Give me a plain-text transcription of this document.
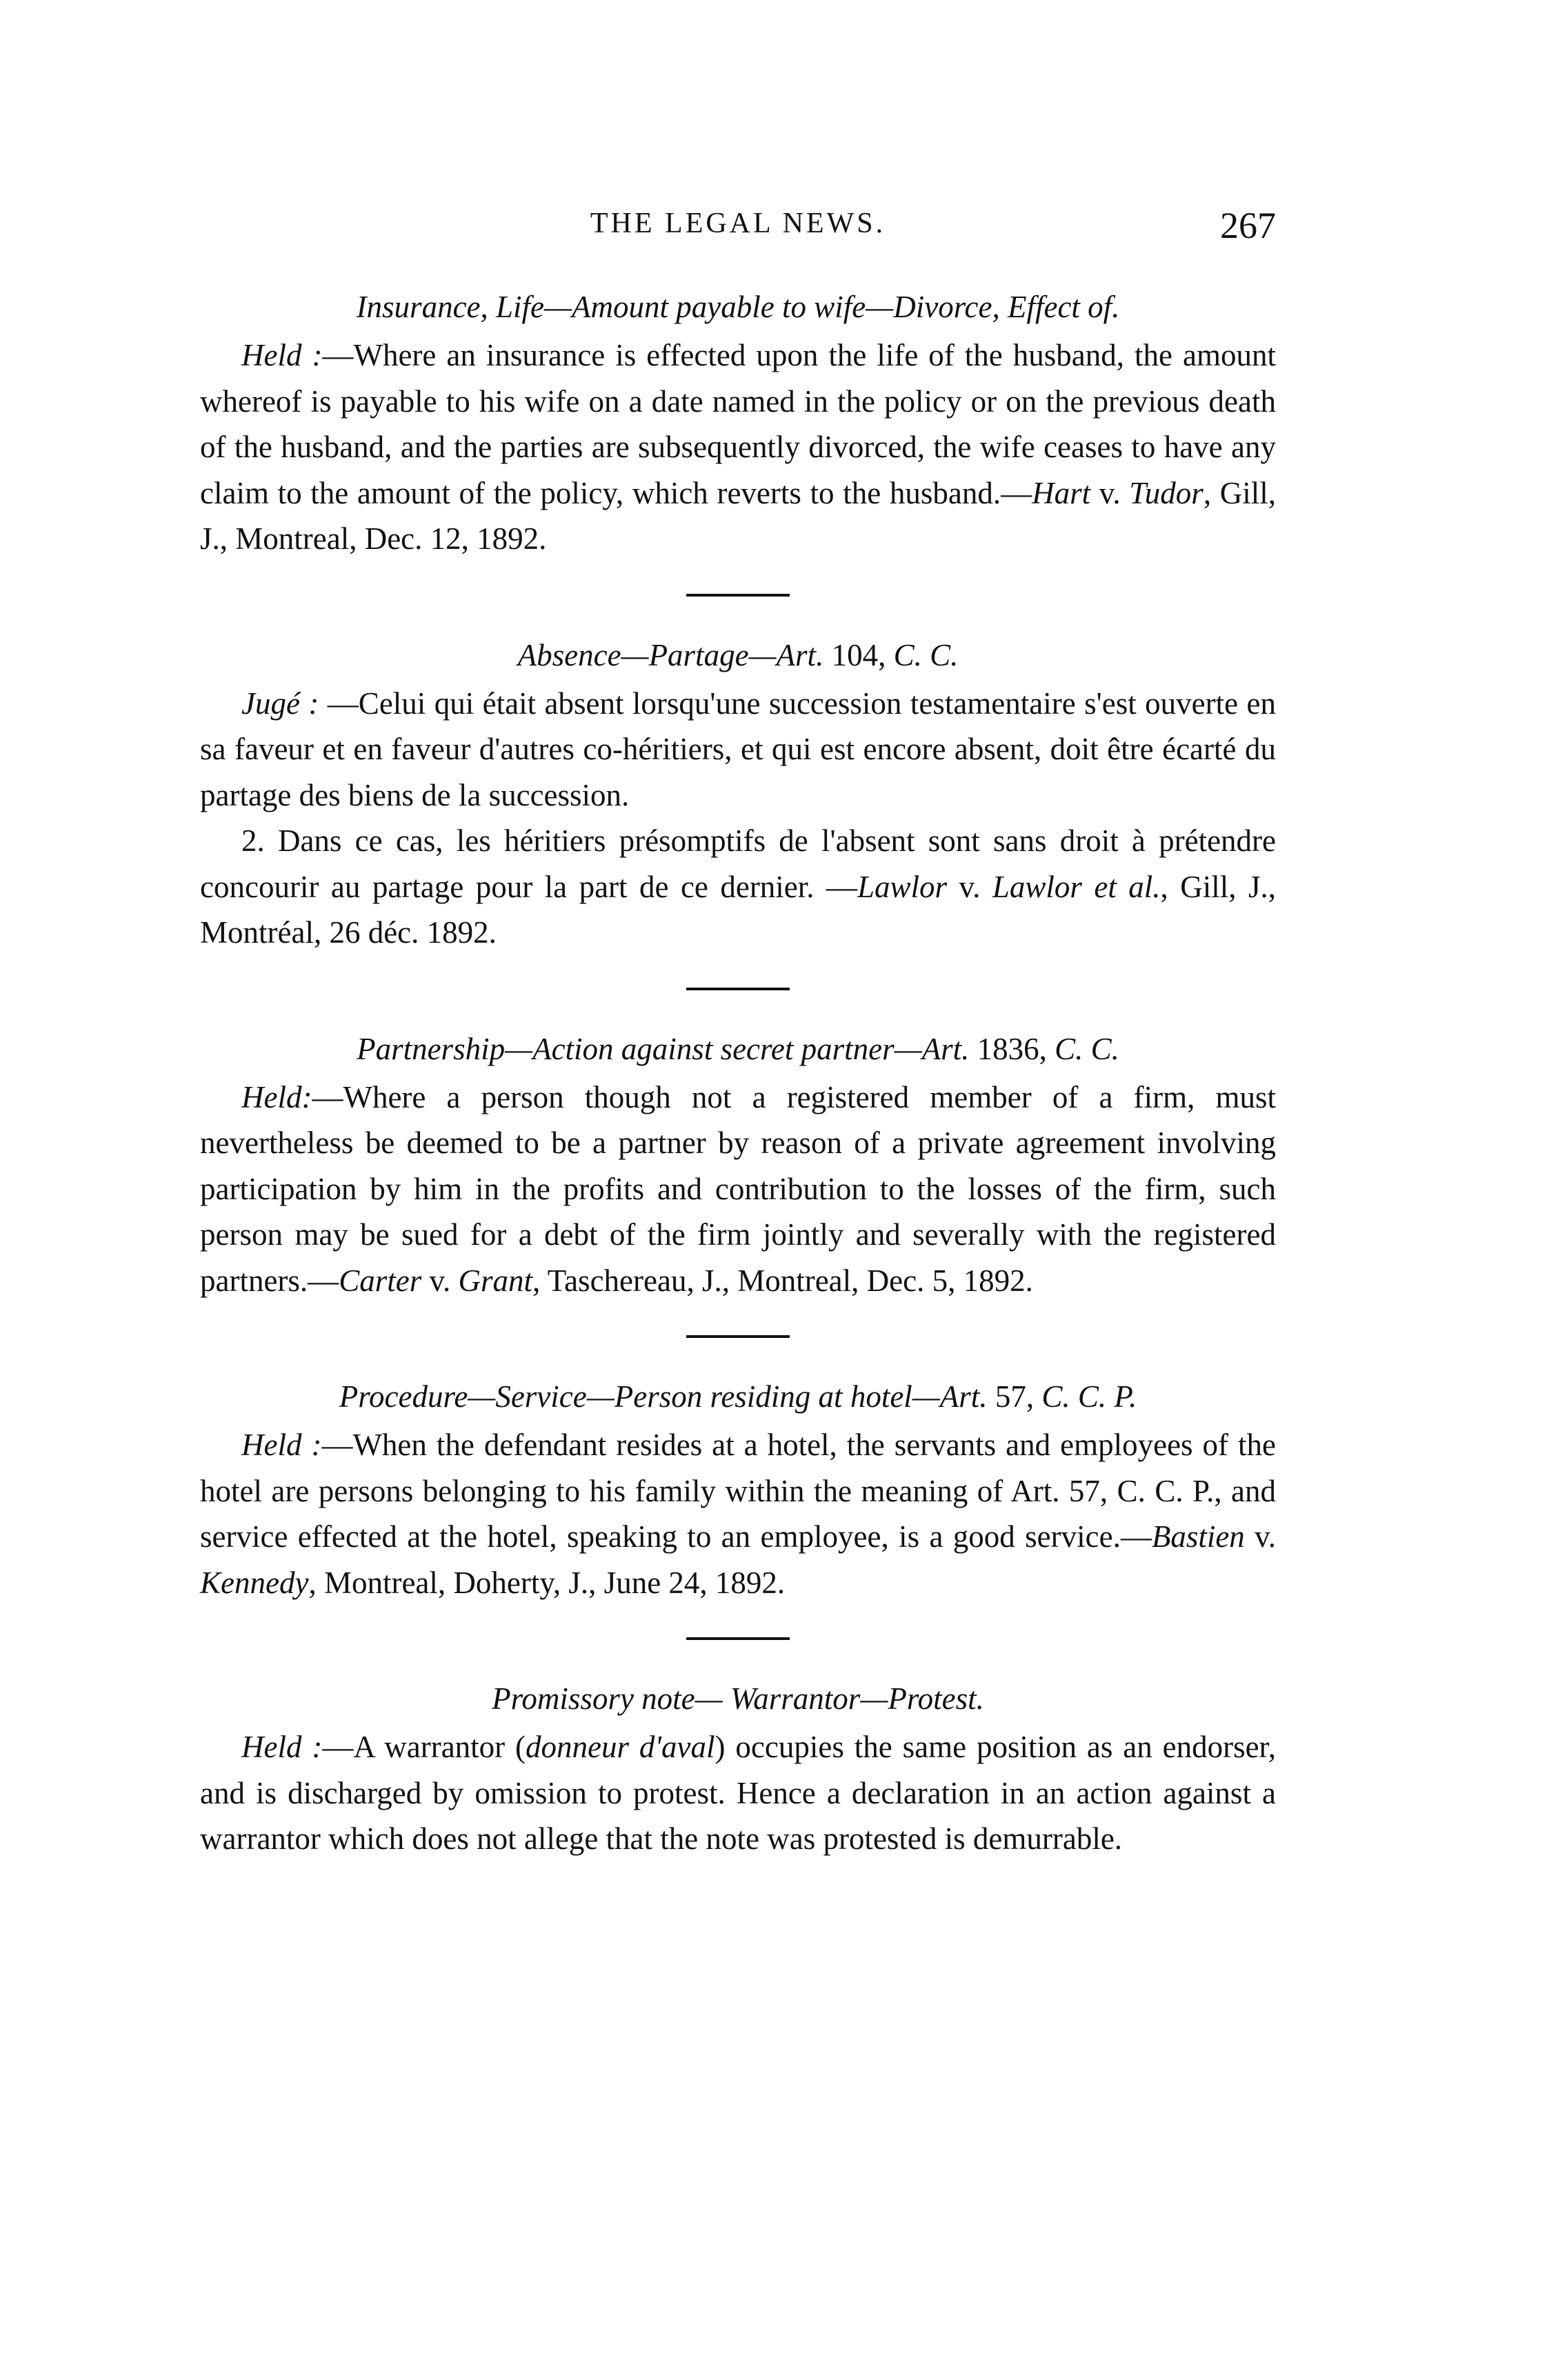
THE LEGAL NEWS.	267
Insurance, Life—Amount payable to wife—Divorce, Effect of.

Held :—Where an insurance is effected upon the life of the husband, the amount whereof is payable to his wife on a date named in the policy or on the previous death of the husband, and the parties are subsequently divorced, the wife ceases to have any claim to the amount of the policy, which reverts to the husband.—Hart v. Tudor, Gill, J., Montreal, Dec. 12, 1892.

Absence—Partage—Art. 104, C. C.

Jugé : —Celui qui était absent lorsqu'une succession testamentaire s'est ouverte en sa faveur et en faveur d'autres co-héritiers, et qui est encore absent, doit être écarté du partage des biens de la succession.

2. Dans ce cas, les héritiers présomptifs de l'absent sont sans droit à prétendre concourir au partage pour la part de ce dernier. —Lawlor v. Lawlor et al., Gill, J., Montréal, 26 déc. 1892.

Partnership—Action against secret partner—Art. 1836, C. C.

Held:—Where a person though not a registered member of a firm, must nevertheless be deemed to be a partner by reason of a private agreement involving participation by him in the profits and contribution to the losses of the firm, such person may be sued for a debt of the firm jointly and severally with the registered partners.—Carter v. Grant, Taschereau, J., Montreal, Dec. 5, 1892.

Procedure—Service—Person residing at hotel—Art. 57, C. C. P.

Held :—When the defendant resides at a hotel, the servants and employees of the hotel are persons belonging to his family within the meaning of Art. 57, C. C. P., and service effected at the hotel, speaking to an employee, is a good service.—Bastien v. Kennedy, Montreal, Doherty, J., June 24, 1892.

Promissory note— Warrantor—Protest.

Held :—A warrantor (donneur d'aval) occupies the same position as an endorser, and is discharged by omission to protest. Hence a declaration in an action against a warrantor which does not allege that the note was protested is demurrable.
